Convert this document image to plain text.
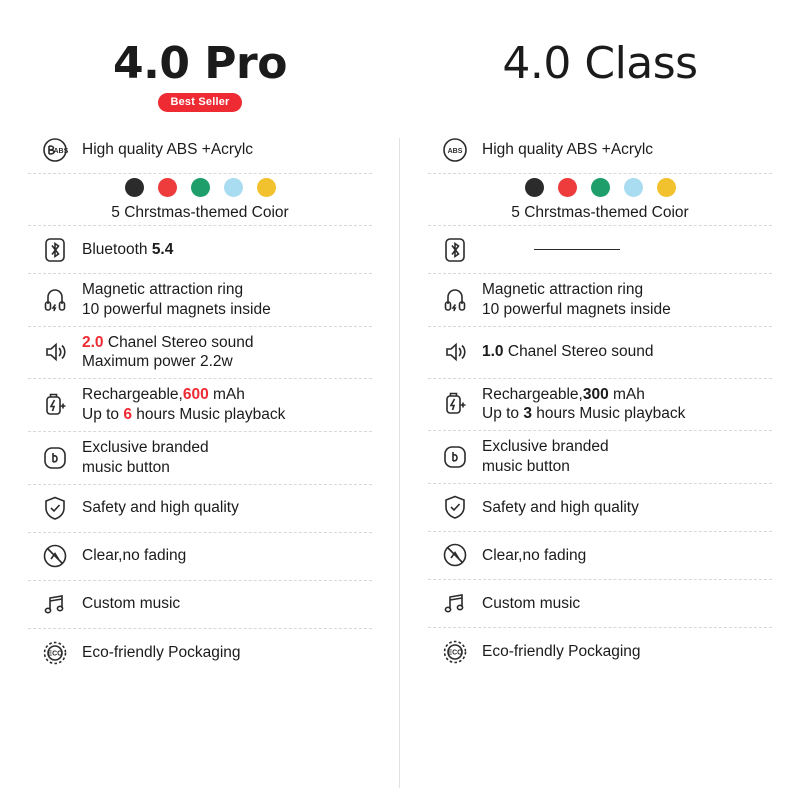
4.0 Pro
Best Seller
ABS High quality ABS +Acrylc
5 Chrstmas-themed Coior
Bluetooth 5.4
Magnetic attraction ring
10 powerful magnets inside
2.0 Chanel Stereo sound
Maximum power 2.2w
Rechargeable,600 mAh
Up to 6 hours Music playback
Exclusive branded
music button
Safety and high quality
Clear,no fading
Custom music
ECO Eco-friendly Pockaging
4.0 Class
ABS High quality ABS +Acrylc
5 Chrstmas-themed Coior
Magnetic attraction ring
10 powerful magnets inside
1.0 Chanel Stereo sound
Rechargeable,300 mAh
Up to 3 hours Music playback
Exclusive branded
music button
Safety and high quality
Clear,no fading
Custom music
ECO Eco-friendly Pockaging
